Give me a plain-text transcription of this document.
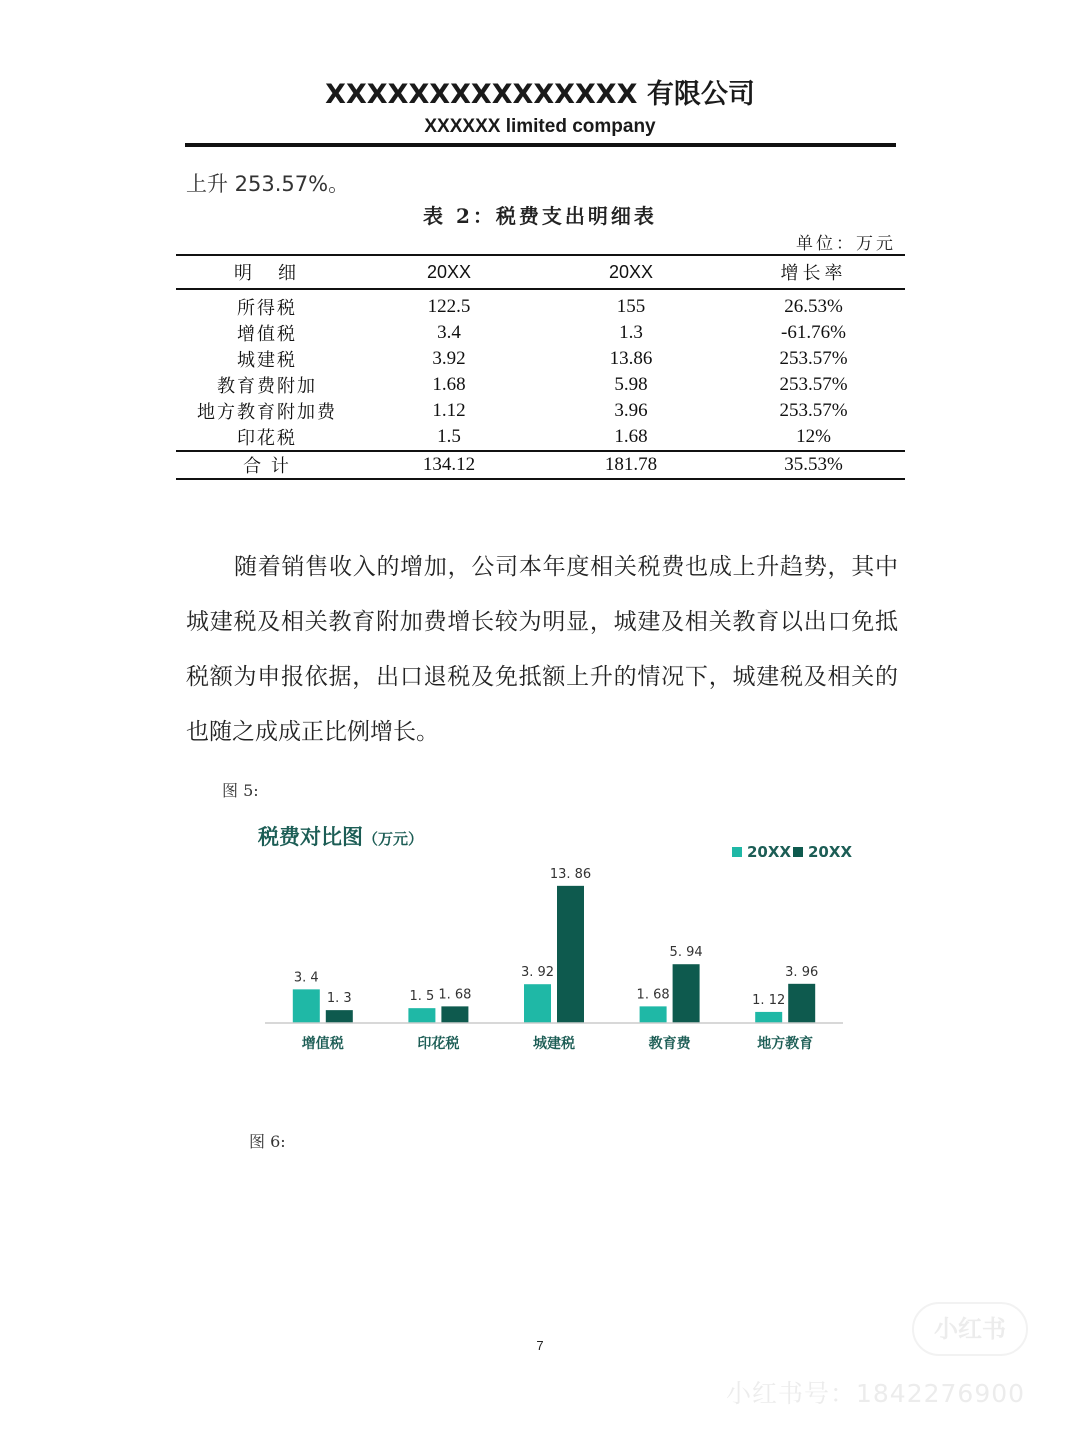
XXXXXXXXXXXXXXX 有限公司
XXXXXX limited company
上升 253.57%。
表 2：税费支出明细表
单位：万元
明　细	20XX	20XX	增长率
所得税	122.5	155	26.53%
增值税	3.4	1.3	-61.76%
城建税	3.92	13.86	253.57%
教育费附加	1.68	5.98	253.57%
地方教育附加费	1.12	3.96	253.57%
印花税	1.5	1.68	12%
合 计	134.12	181.78	35.53%

随着销售收入的增加，公司本年度相关税费也成上升趋势，其中城建税及相关教育附加费增长较为明显，城建及相关教育以出口免抵税额为申报依据，出口退税及免抵额上升的情况下，城建税及相关的也随之成成正比例增长。

图 5:
税费对比图（万元）
20XX 20XX
3. 4
1. 3
增值税
1. 5 1. 68
印花税
3. 92
13. 86
城建税
1. 68
5. 94
教育费
1. 12
3. 96
地方教育
图 6:
7
小红书
小红书号：1842276900
